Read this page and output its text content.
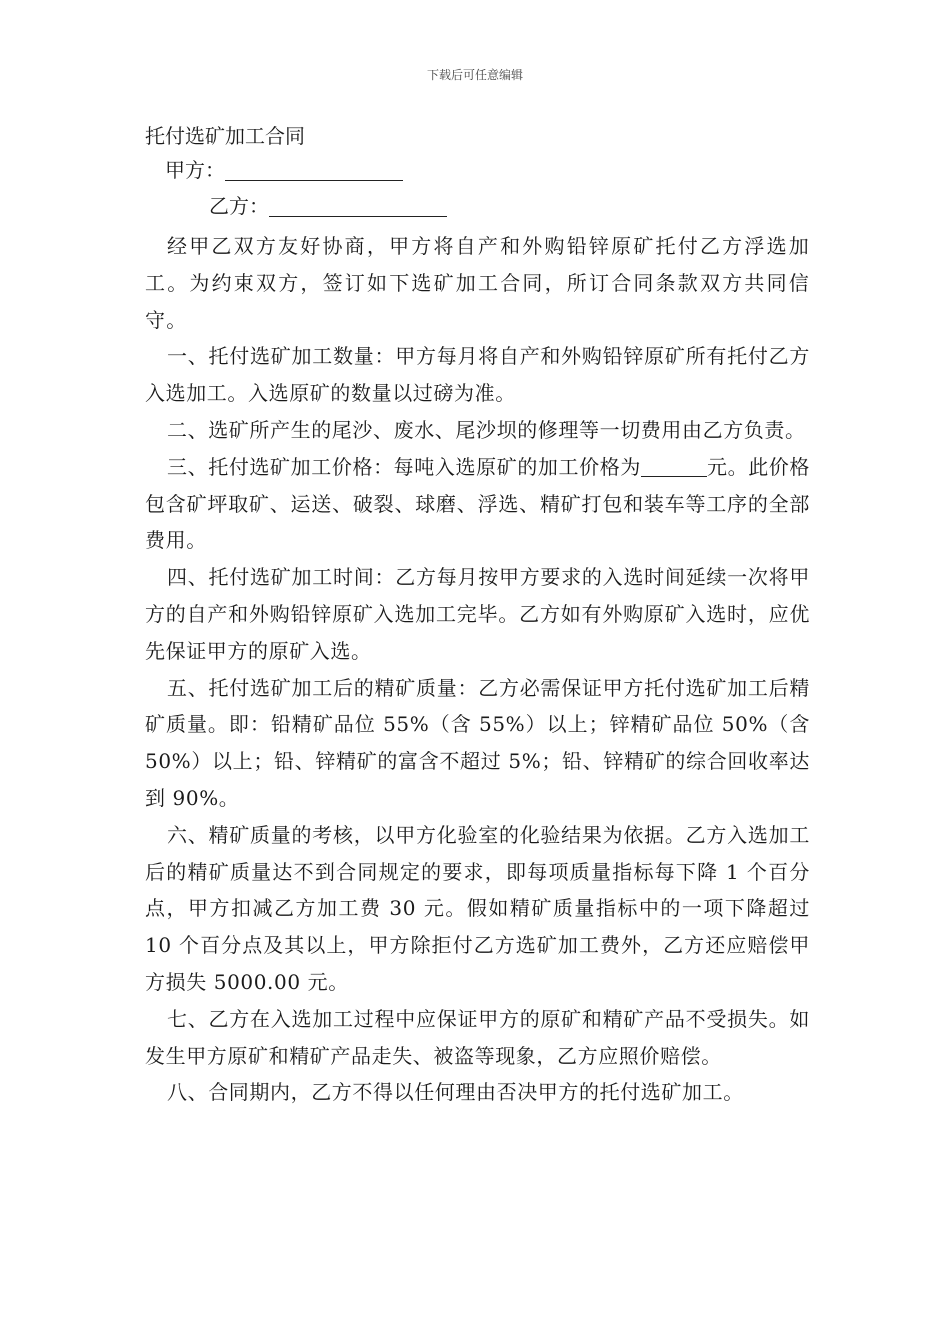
下载后可任意编辑

托付选矿加工合同

甲方：

乙方：

经甲乙双方友好协商，甲方将自产和外购铅锌原矿托付乙方浮选加工。为约束双方，签订如下选矿加工合同，所订合同条款双方共同信守。

一、托付选矿加工数量：甲方每月将自产和外购铅锌原矿所有托付乙方入选加工。入选原矿的数量以过磅为准。

二、选矿所产生的尾沙、废水、尾沙坝的修理等一切费用由乙方负责。

三、托付选矿加工价格：每吨入选原矿的加工价格为	元。此价格包含矿坪取矿、运送、破裂、球磨、浮选、精矿打包和装车等工序的全部费用。

四、托付选矿加工时间：乙方每月按甲方要求的入选时间延续一次将甲方的自产和外购铅锌原矿入选加工完毕。乙方如有外购原矿入选时，应优先保证甲方的原矿入选。

五、托付选矿加工后的精矿质量：乙方必需保证甲方托付选矿加工后精矿质量。即：铅精矿品位 55%（含 55%）以上；锌精矿品位 50%（含 50%）以上；铅、锌精矿的富含不超过 5%；铅、锌精矿的综合回收率达到 90%。

六、精矿质量的考核，以甲方化验室的化验结果为依据。乙方入选加工后的精矿质量达不到合同规定的要求，即每项质量指标每下降 1 个百分点，甲方扣减乙方加工费 30 元。假如精矿质量指标中的一项下降超过 10 个百分点及其以上，甲方除拒付乙方选矿加工费外，乙方还应赔偿甲方损失 5000.00 元。

七、乙方在入选加工过程中应保证甲方的原矿和精矿产品不受损失。如发生甲方原矿和精矿产品走失、被盗等现象，乙方应照价赔偿。

八、合同期内，乙方不得以任何理由否决甲方的托付选矿加工。
